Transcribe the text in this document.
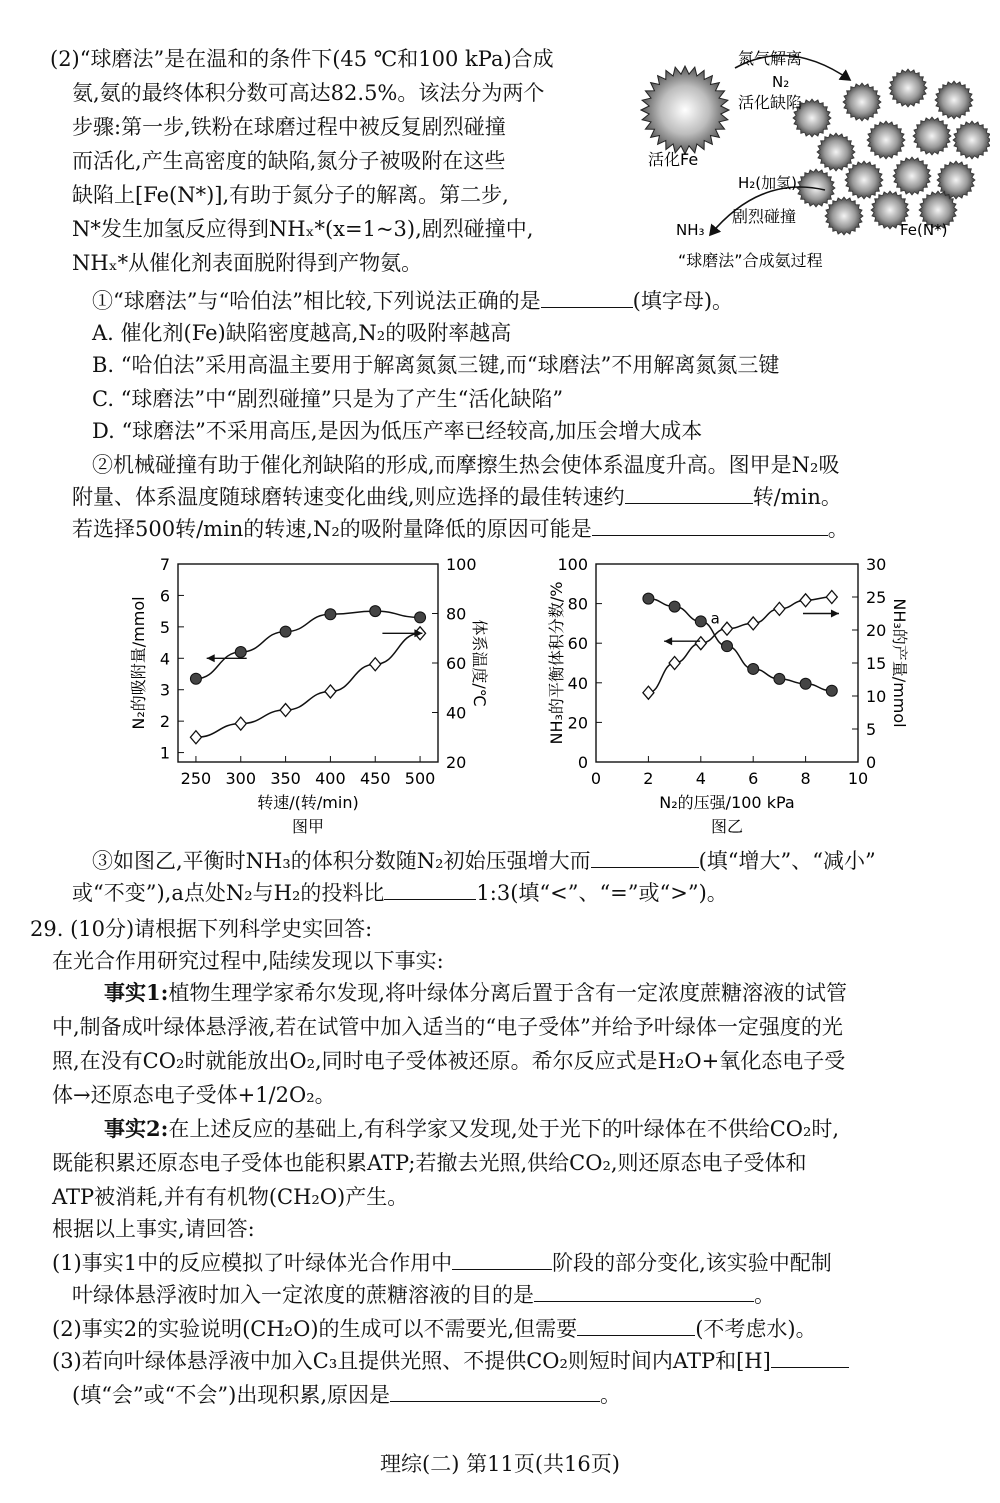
(2)“球磨法”是在温和的条件下(45 ℃和100 kPa)合成
氨,氨的最终体积分数可高达82.5%。该法分为两个
步骤:第一步,铁粉在球磨过程中被反复剧烈碰撞
而活化,产生高密度的缺陷,氮分子被吸附在这些
缺陷上[Fe(N*)],有助于氮分子的解离。第二步,
N*发生加氢反应得到NHₓ*(x=1~3),剧烈碰撞中,
NHₓ*从催化剂表面脱附得到产物氨。
氮气解离
N₂
活化缺陷
活化Fe
H₂(加氢)
剧烈碰撞
NH₃	Fe(N*)
“球磨法”合成氨过程
①“球磨法”与“哈伯法”相比较,下列说法正确的是	(填字母)。
A. 催化剂(Fe)缺陷密度越高,N₂的吸附率越高
B. “哈伯法”采用高温主要用于解离氮氮三键,而“球磨法”不用解离氮氮三键
C. “球磨法”中“剧烈碰撞”只是为了产生“活化缺陷”
D. “球磨法”不采用高压,是因为低压产率已经较高,加压会增大成本
②机械碰撞有助于催化剂缺陷的形成,而摩擦生热会使体系温度升高。图甲是N₂吸
附量、体系温度随球磨转速变化曲线,则应选择的最佳转速约	转/min。
若选择500转/min的转速,N₂的吸附量降低的原因可能是	。
250 300 350 400 450 500
1
2
3
4
5
6
7
20
40
60
80
100
转速/(转/min)
图甲
N₂的吸附量/mmol	体系温度/℃
0	2	4	6	8 10
0
20
40
60
80
100
0
5
10
15
20
25
30
N₂的压强/100 kPa
图乙
NH₃的平衡体积分数/%	NH₃的产量/mmol
a
③如图乙,平衡时NH₃的体积分数随N₂初始压强增大而	(填“增大”、“减小”
或“不变”),a点处N₂与H₂的投料比	1:3(填“<”、“=”或“>”)。
29. (10分)请根据下列科学史实回答:
在光合作用研究过程中,陆续发现以下事实:
事实1:植物生理学家希尔发现,将叶绿体分离后置于含有一定浓度蔗糖溶液的试管
中,制备成叶绿体悬浮液,若在试管中加入适当的“电子受体”并给予叶绿体一定强度的光
照,在没有CO₂时就能放出O₂,同时电子受体被还原。希尔反应式是H₂O+氧化态电子受
体→还原态电子受体+1/2O₂。
事实2:在上述反应的基础上,有科学家又发现,处于光下的叶绿体在不供给CO₂时,
既能积累还原态电子受体也能积累ATP;若撤去光照,供给CO₂,则还原态电子受体和
ATP被消耗,并有有机物(CH₂O)产生。
根据以上事实,请回答:
(1)事实1中的反应模拟了叶绿体光合作用中	阶段的部分变化,该实验中配制
叶绿体悬浮液时加入一定浓度的蔗糖溶液的目的是	。
(2)事实2的实验说明(CH₂O)的生成可以不需要光,但需要	(不考虑水)。
(3)若向叶绿体悬浮液中加入C₃且提供光照、不提供CO₂则短时间内ATP和[H]
(填“会”或“不会”)出现积累,原因是	。
理综(二) 第11页(共16页)
